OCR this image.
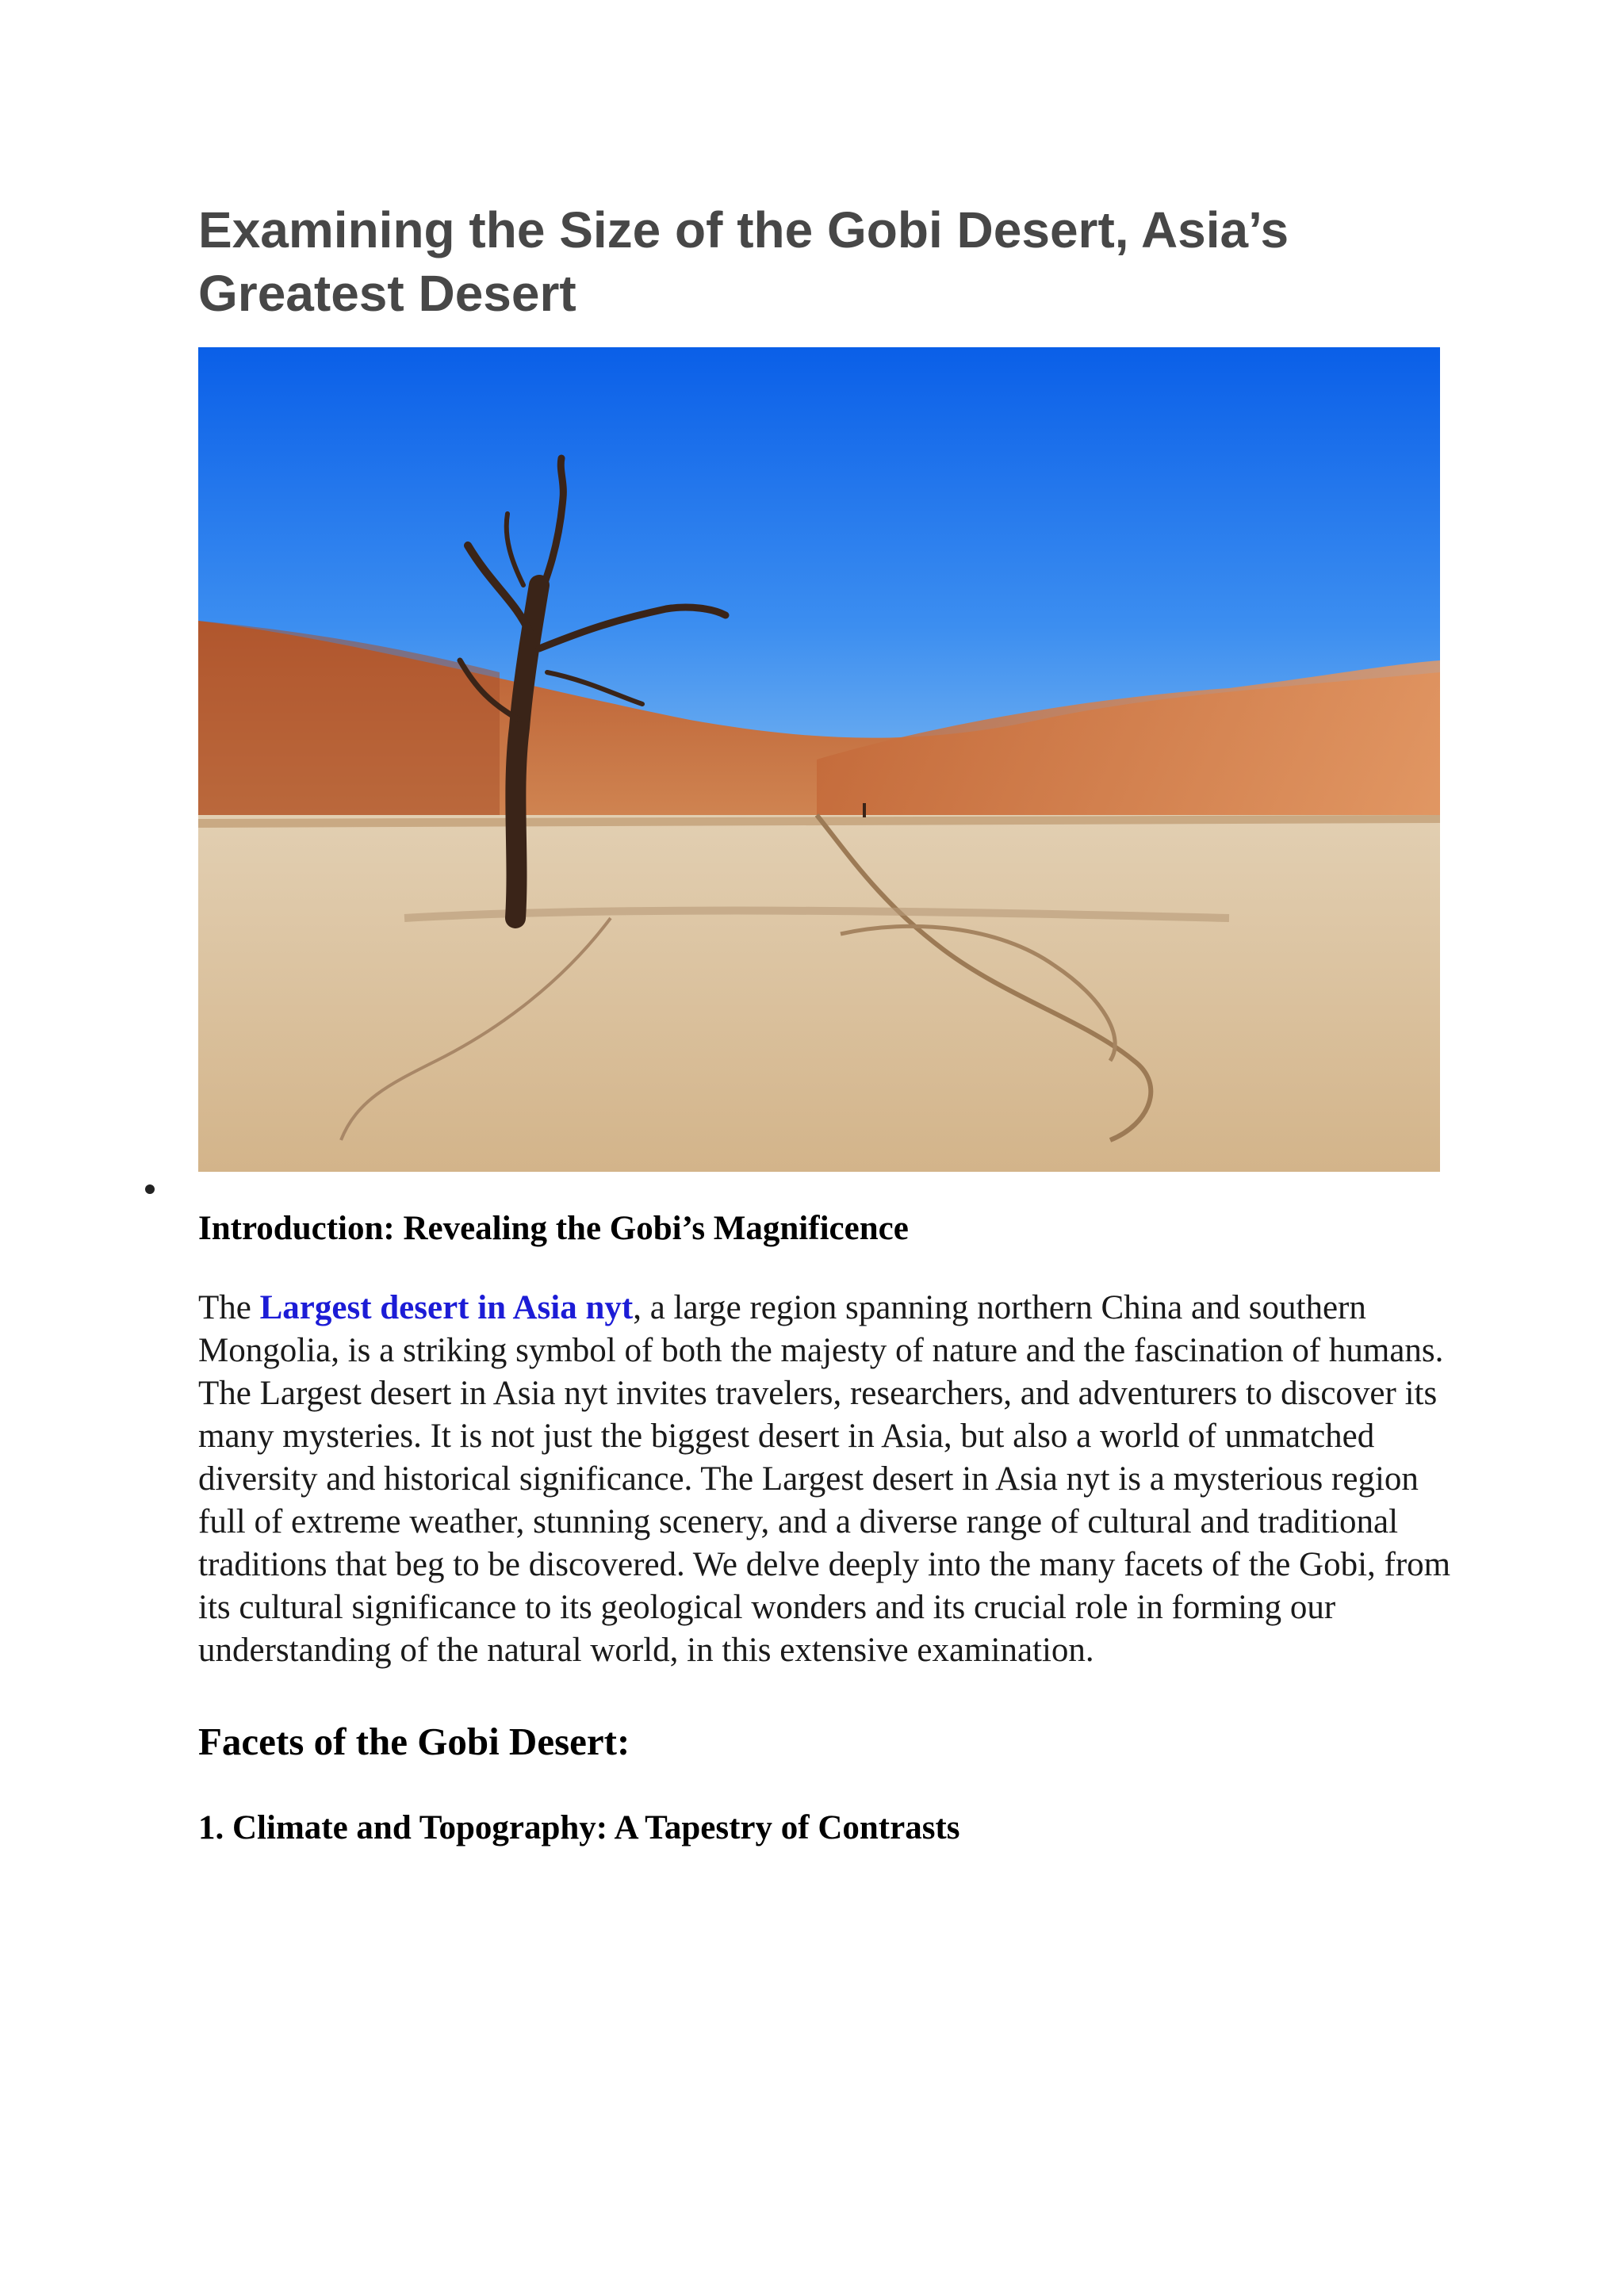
Examining the Size of the Gobi Desert, Asia’s Greatest Desert
Introduction: Revealing the Gobi’s Magnificence

The Largest desert in Asia nyt, a large region spanning northern China and southern Mongolia, is a striking symbol of both the majesty of nature and the fascination of humans. The Largest desert in Asia nyt invites travelers, researchers, and adventurers to discover its many mysteries. It is not just the biggest desert in Asia, but also a world of unmatched diversity and historical significance. The Largest desert in Asia nyt is a mysterious region full of extreme weather, stunning scenery, and a diverse range of cultural and traditional traditions that beg to be discovered. We delve deeply into the many facets of the Gobi, from its cultural significance to its geological wonders and its crucial role in forming our understanding of the natural world, in this extensive examination.

Facets of the Gobi Desert:
1. Climate and Topography: A Tapestry of Contrasts
